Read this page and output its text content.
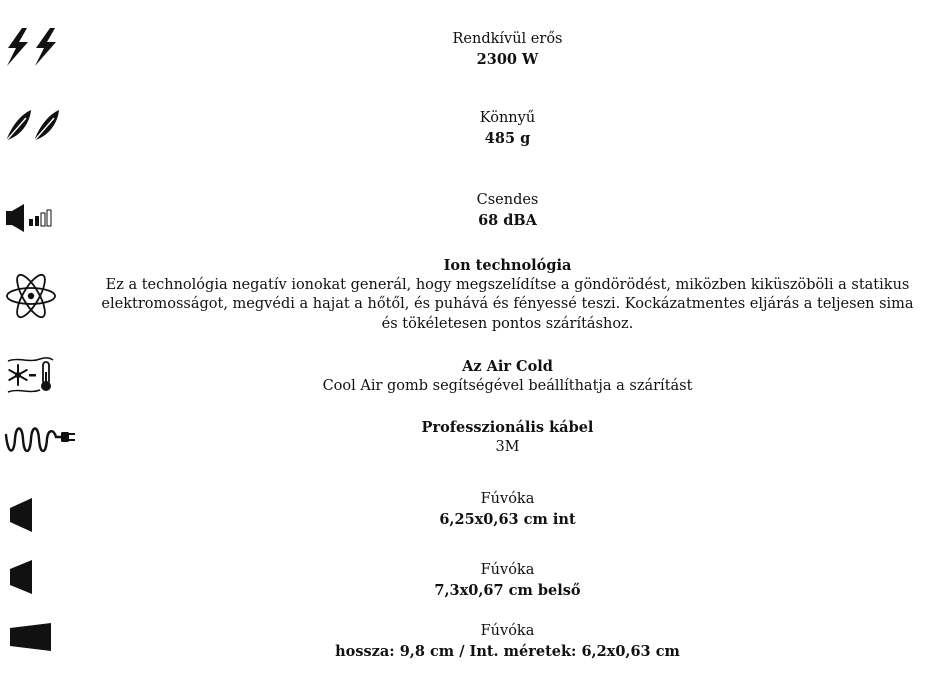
Rendkívül erős
2300 W
Könnyű
485 g
Csendes
68 dBA
Ion technológia
Ez a technológia negatív ionokat generál, hogy megszelídítse a göndörödést, miközben kiküszöböli a statikus elektromosságot, megvédi a hajat a hőtől, és puhává és fényessé teszi. Kockázatmentes eljárás a teljesen sima és tökéletesen pontos szárításhoz.
Az Air Cold
Cool Air gomb segítségével beállíthatja a szárítást
Professzionális kábel
3M
Fúvóka
6,25x0,63 cm int
Fúvóka
7,3x0,67 cm belső
Fúvóka
hossza: 9,8 cm / Int. méretek: 6,2x0,63 cm
